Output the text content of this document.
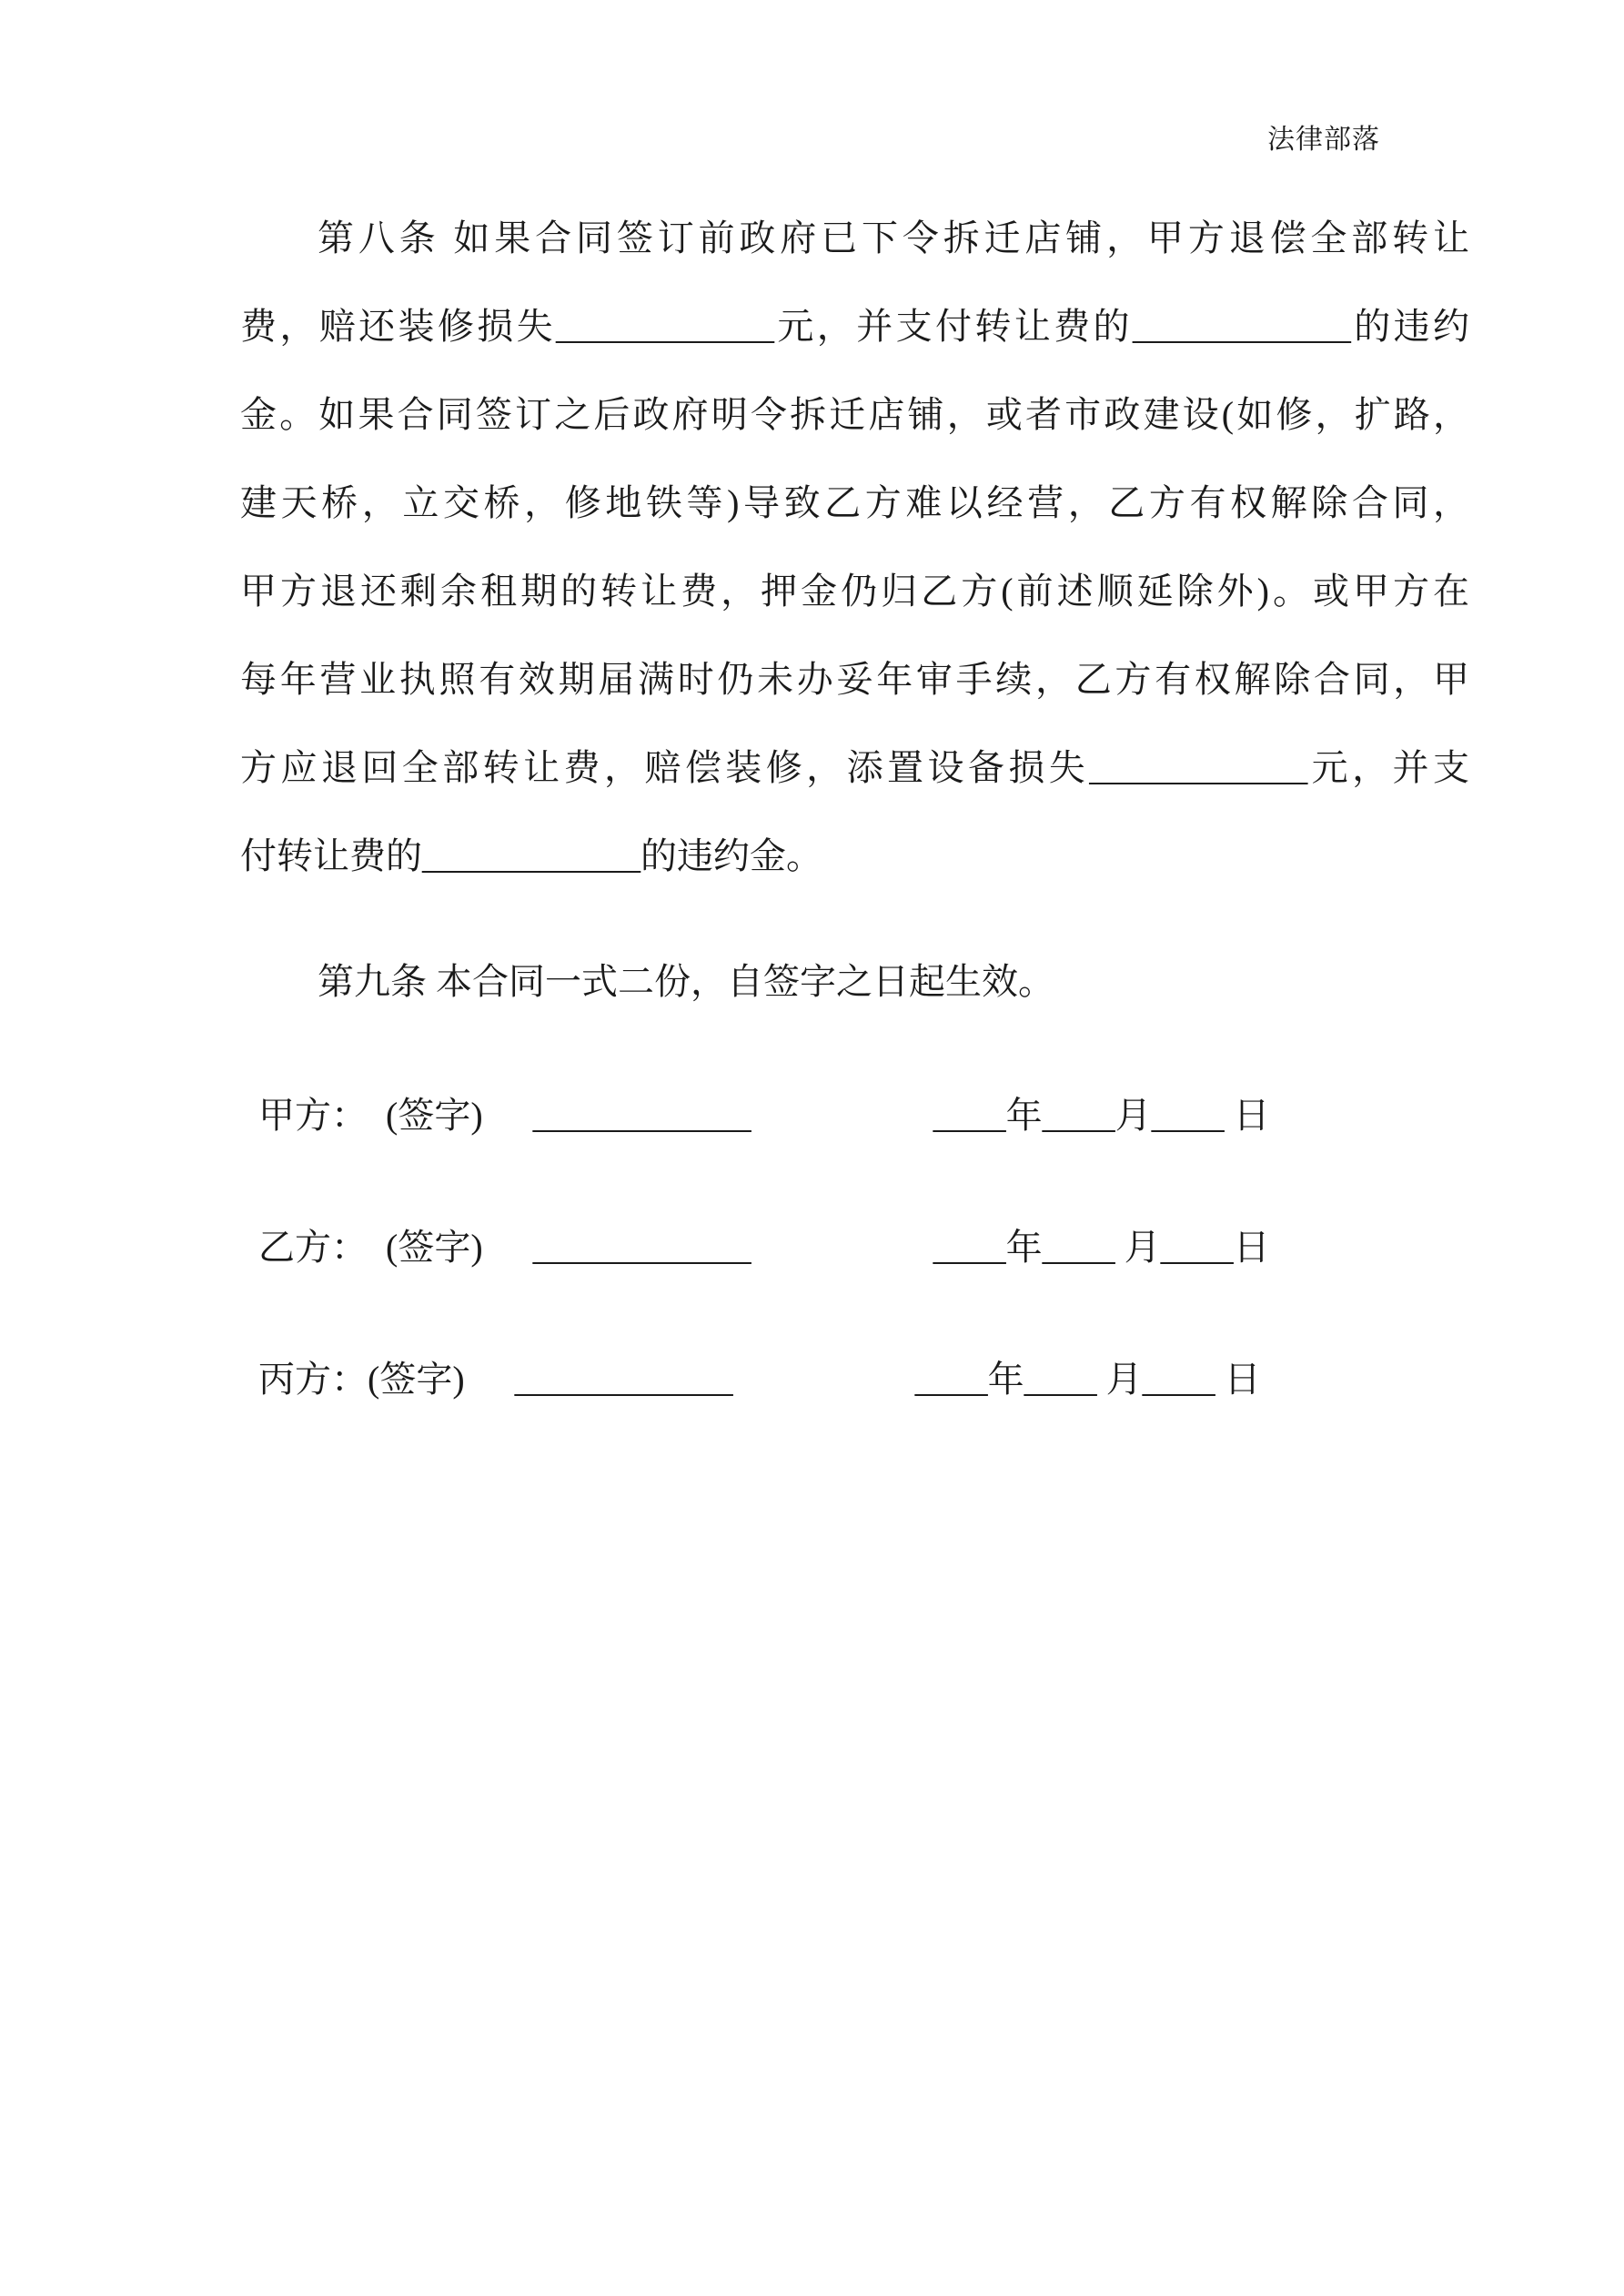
法律部落
第八条 如果合同签订前政府已下令拆迁店铺，甲方退偿全部转让
费，赔还装修损失____________元，并支付转让费的____________的违约
金。如果合同签订之后政府明令拆迁店铺，或者市政建设(如修，扩路，
建天桥，立交桥，修地铁等)导致乙方难以经营，乙方有权解除合同，
甲方退还剩余租期的转让费，押金仍归乙方(前述顺延除外)。或甲方在
每年营业执照有效期届满时仍未办妥年审手续，乙方有权解除合同，甲
方应退回全部转让费，赔偿装修，添置设备损失____________元，并支
付转让费的____________的违约金。
第九条 本合同一式二份，自签字之日起生效。
甲方：  (签字) ____________	____年____月____ 日
乙方：  (签字) ____________	____年____ 月____日
丙方：(签字) ____________	____年____ 月____ 日
